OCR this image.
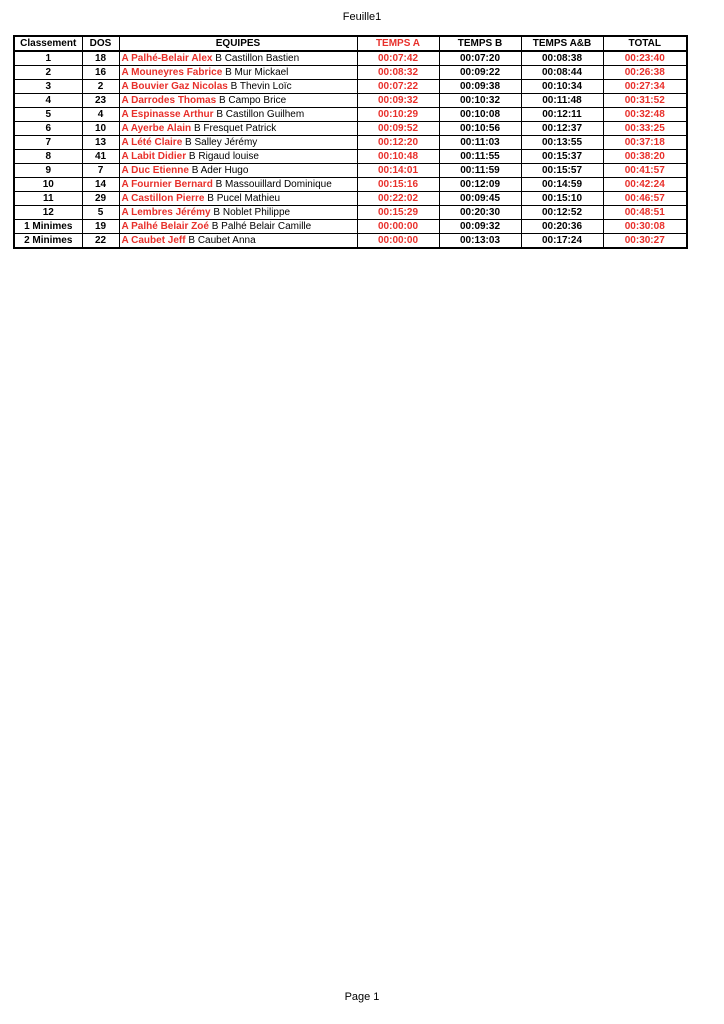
Feuille1
Classement	DOS	EQUIPES	TEMPS A	TEMPS B	TEMPS A&B	TOTAL
1	18	A Palhé-Belair Alex B Castillon Bastien	00:07:42	00:07:20	00:08:38	00:23:40
2	16	A Mouneyres Fabrice B Mur Mickael	00:08:32	00:09:22	00:08:44	00:26:38
3	2	A Bouvier Gaz Nicolas B Thevin Loïc	00:07:22	00:09:38	00:10:34	00:27:34
4	23	A Darrodes Thomas B Campo Brice	00:09:32	00:10:32	00:11:48	00:31:52
5	4	A Espinasse Arthur B Castillon Guilhem	00:10:29	00:10:08	00:12:11	00:32:48
6	10	A Ayerbe Alain B Fresquet Patrick	00:09:52	00:10:56	00:12:37	00:33:25
7	13	A Lété Claire B Salley Jérémy	00:12:20	00:11:03	00:13:55	00:37:18
8	41	A Labit Didier B Rigaud louise	00:10:48	00:11:55	00:15:37	00:38:20
9	7	A Duc Etienne B Ader Hugo	00:14:01	00:11:59	00:15:57	00:41:57
10	14	A Fournier Bernard B Massouillard Dominique	00:15:16	00:12:09	00:14:59	00:42:24
11	29	A Castillon Pierre B Pucel Mathieu	00:22:02	00:09:45	00:15:10	00:46:57
12	5	A Lembres Jérémy B Noblet Philippe	00:15:29	00:20:30	00:12:52	00:48:51
1 Minimes	19	A Palhé Belair Zoé B Palhé Belair Camille	00:00:00	00:09:32	00:20:36	00:30:08
2 Minimes	22	A Caubet Jeff B Caubet Anna	00:00:00	00:13:03	00:17:24	00:30:27
Page 1
